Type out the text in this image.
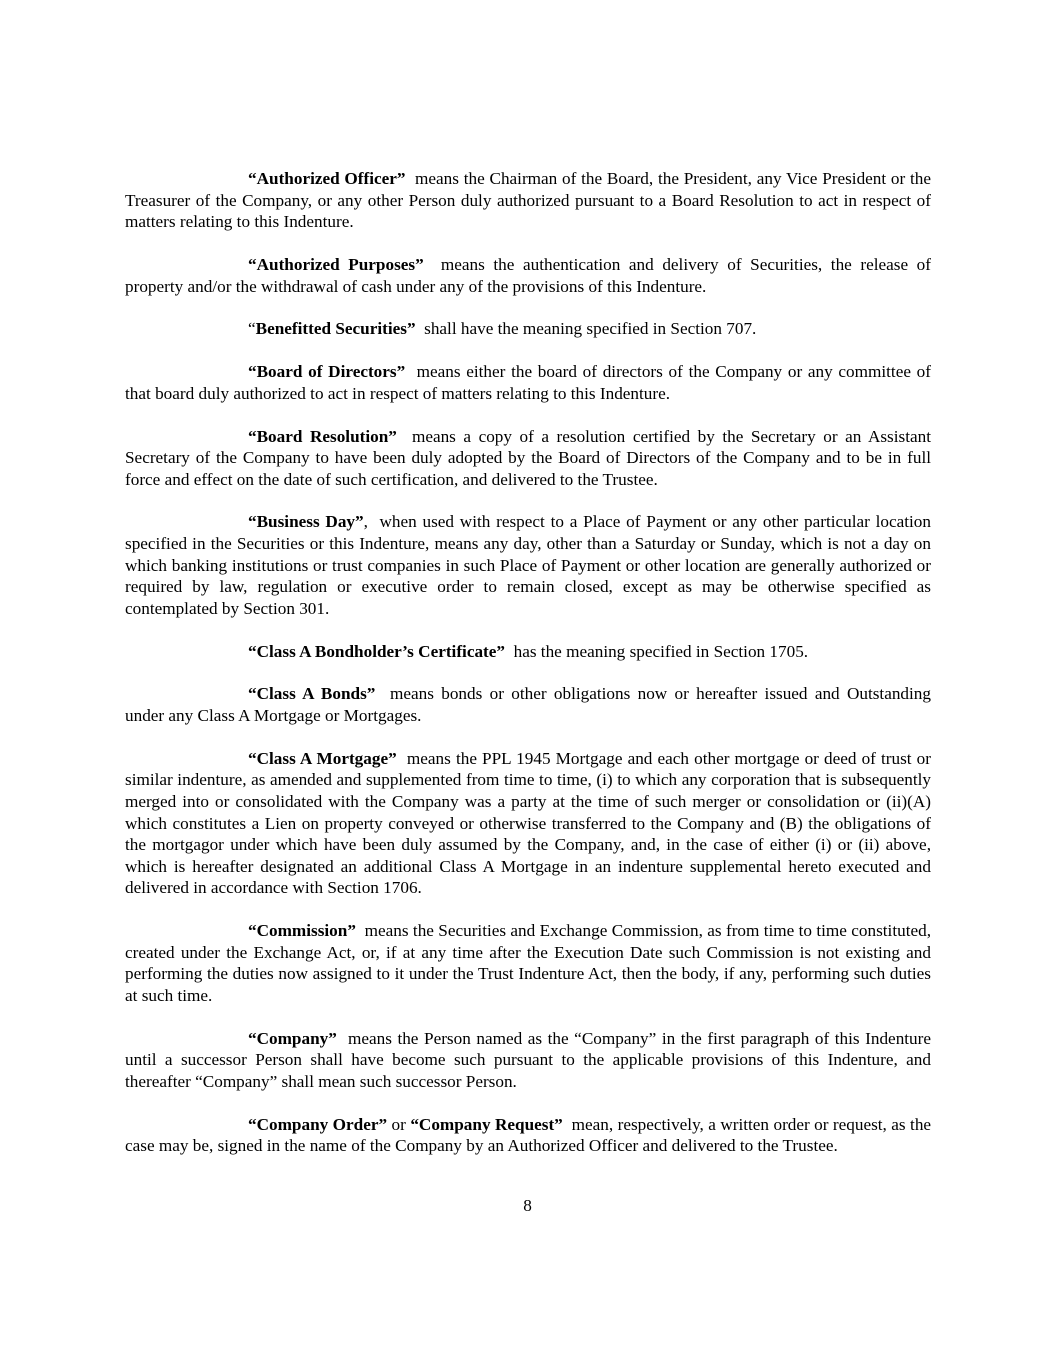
“Authorized Officer” means the Chairman of the Board, the President, any Vice President or the Treasurer of the Company, or any other Person duly authorized pursuant to a Board Resolution to act in respect of matters relating to this Indenture.

“Authorized Purposes” means the authentication and delivery of Securities, the release of property and/or the withdrawal of cash under any of the provisions of this Indenture.

“Benefitted Securities” shall have the meaning specified in Section 707.

“Board of Directors” means either the board of directors of the Company or any committee of that board duly authorized to act in respect of matters relating to this Indenture.

“Board Resolution” means a copy of a resolution certified by the Secretary or an Assistant Secretary of the Company to have been duly adopted by the Board of Directors of the Company and to be in full force and effect on the date of such certification, and delivered to the Trustee.

“Business Day”, when used with respect to a Place of Payment or any other particular location specified in the Securities or this Indenture, means any day, other than a Saturday or Sunday, which is not a day on which banking institutions or trust companies in such Place of Payment or other location are generally authorized or required by law, regulation or executive order to remain closed, except as may be otherwise specified as contemplated by Section 301.

“Class A Bondholder’s Certificate” has the meaning specified in Section 1705.

“Class A Bonds” means bonds or other obligations now or hereafter issued and Outstanding under any Class A Mortgage or Mortgages.

“Class A Mortgage” means the PPL 1945 Mortgage and each other mortgage or deed of trust or similar indenture, as amended and supplemented from time to time, (i) to which any corporation that is subsequently merged into or consolidated with the Company was a party at the time of such merger or consolidation or (ii)(A) which constitutes a Lien on property conveyed or otherwise transferred to the Company and (B) the obligations of the mortgagor under which have been duly assumed by the Company, and, in the case of either (i) or (ii) above, which is hereafter designated an additional Class A Mortgage in an indenture supplemental hereto executed and delivered in accordance with Section 1706.

“Commission” means the Securities and Exchange Commission, as from time to time constituted, created under the Exchange Act, or, if at any time after the Execution Date such Commission is not existing and performing the duties now assigned to it under the Trust Indenture Act, then the body, if any, performing such duties at such time.

“Company” means the Person named as the “Company” in the first paragraph of this Indenture until a successor Person shall have become such pursuant to the applicable provisions of this Indenture, and thereafter “Company” shall mean such successor Person.

“Company Order” or “Company Request” mean, respectively, a written order or request, as the case may be, signed in the name of the Company by an Authorized Officer and delivered to the Trustee.

8
